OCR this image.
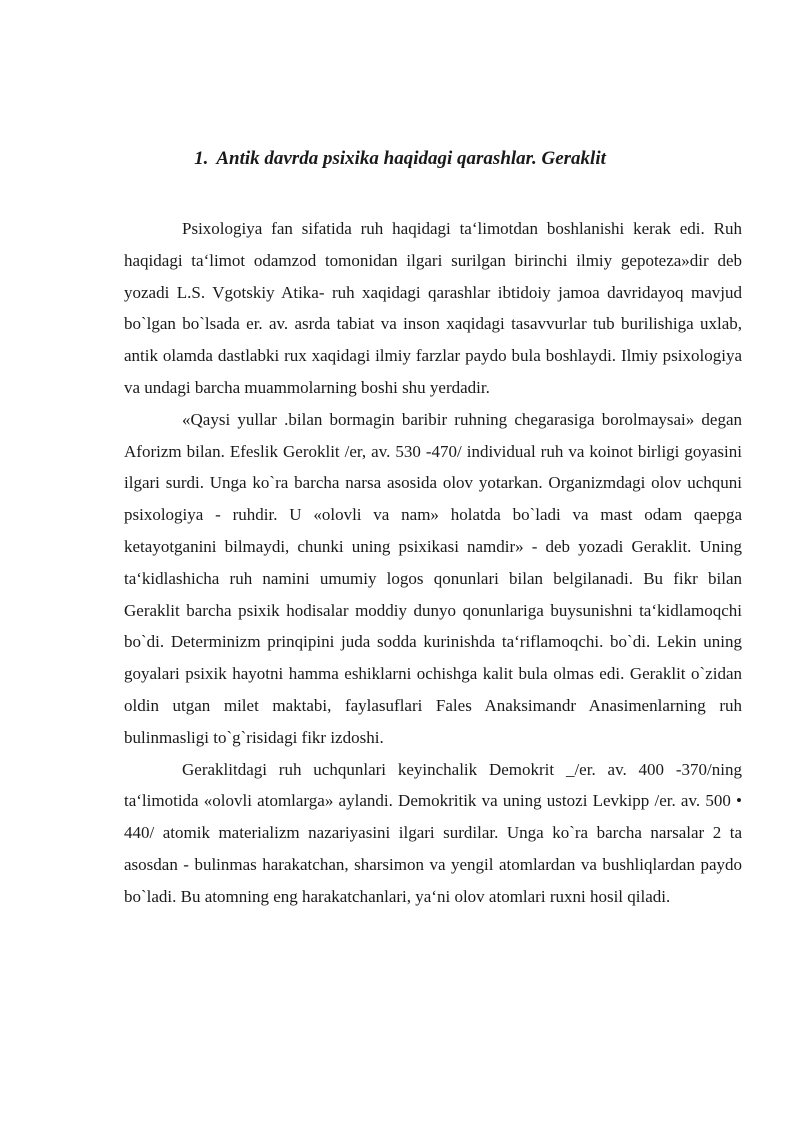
1. Antik davrda psixika haqidagi qarashlar. Geraklit

Psixologiya fan sifatida ruh haqidagi ta‘limotdan boshlanishi kerak edi. Ruh haqidagi ta‘limot odamzod tomonidan ilgari surilgan birinchi ilmiy gepoteza»dir deb yozadi L.S. Vgotskiy Atika- ruh xaqidagi qarashlar ibtidoiy jamoa davridayoq mavjud bo`lgan bo`lsada er. av. asrda tabiat va inson xaqidagi tasavvurlar tub burilishiga uxlab, antik olamda dastlabki rux xaqidagi ilmiy farzlar paydo bula boshlaydi. Ilmiy psixologiya va undagi barcha muammolarning boshi shu yerdadir.

«Qaysi yullar .bilan bormagin baribir ruhning chegarasiga borolmaysai» degan Aforizm bilan. Efeslik Geroklit /er, av. 530 -470/ individual ruh va koinot birligi goyasini ilgari surdi. Unga ko`ra barcha narsa asosida olov yotarkan. Organizmdagi olov uchquni psixologiya - ruhdir. U «olovli va nam» holatda bo`ladi va mast odam qaepga ketayotganini bilmaydi, chunki uning psixikasi namdir» - deb yozadi Geraklit. Uning ta‘kidlashicha ruh namini umumiy logos qonunlari bilan belgilanadi. Bu fikr bilan Geraklit barcha psixik hodisalar moddiy dunyo qonunlariga buysunishni ta‘kidlamoqchi bo`di. Determinizm prinqipini juda sodda kurinishda ta‘riflamoqchi. bo`di. Lekin uning goyalari psixik hayotni hamma eshiklarni ochishga kalit bula olmas edi. Geraklit o`zidan oldin utgan milet maktabi, faylasuflari Fales Anaksimandr Anasimenlarning ruh bulinmasligi to`g`risidagi fikr izdoshi.

Geraklitdagi ruh uchqunlari keyinchalik Demokrit _/er. av. 400 -370/ning ta‘limotida «olovli atomlarga» aylandi. Demokritik va uning ustozi Levkipp /er. av. 500 • 440/ atomik materializm nazariyasini ilgari surdilar. Unga ko`ra barcha narsalar 2 ta asosdan - bulinmas harakatchan, sharsimon va yengil atomlardan va bushliqlardan paydo bo`ladi. Bu atomning eng harakatchanlari, ya‘ni olov atomlari ruxni hosil qiladi.
